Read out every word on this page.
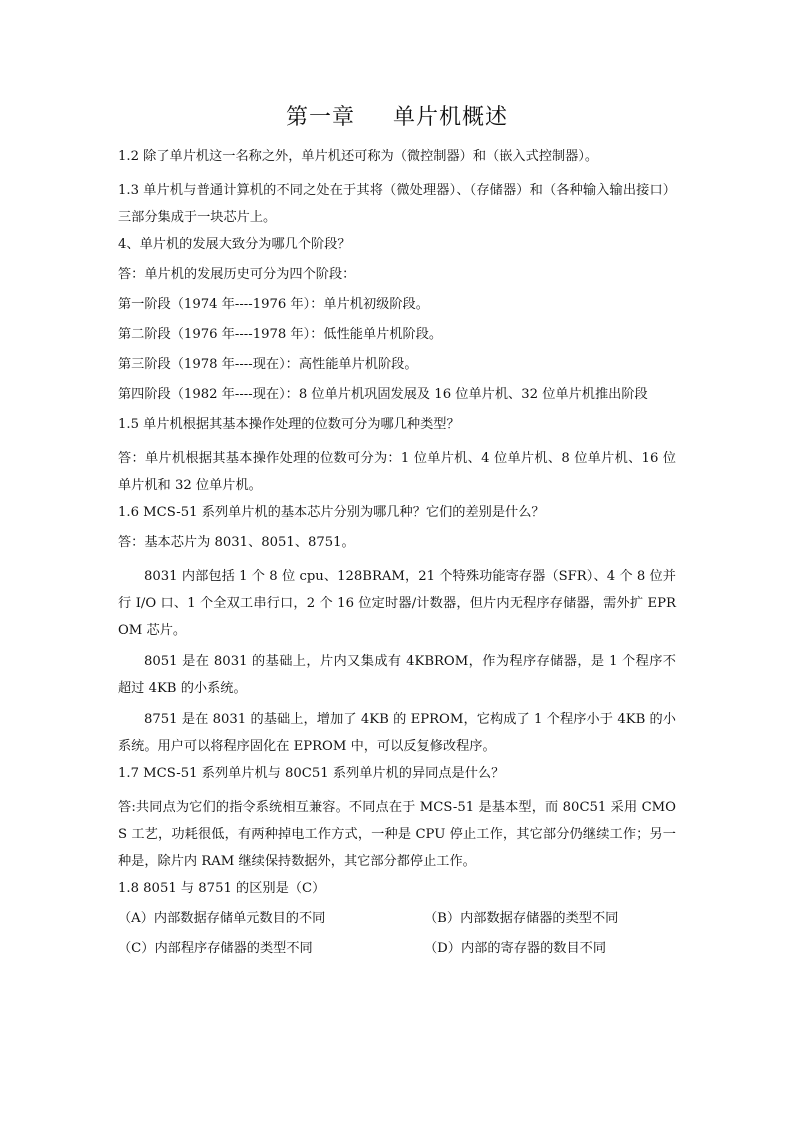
第一章 单片机概述
1.2 除了单片机这一名称之外，单片机还可称为（微控制器）和（嵌入式控制器）。
1.3 单片机与普通计算机的不同之处在于其将（微处理器）、（存储器）和（各种输入输出接口）三部分集成于一块芯片上。
4、单片机的发展大致分为哪几个阶段？
答：单片机的发展历史可分为四个阶段：
第一阶段（1974 年----1976 年）：单片机初级阶段。
第二阶段（1976 年----1978 年）：低性能单片机阶段。
第三阶段（1978 年----现在）：高性能单片机阶段。
第四阶段（1982 年----现在）：8 位单片机巩固发展及 16 位单片机、32 位单片机推出阶段
1.5 单片机根据其基本操作处理的位数可分为哪几种类型？
答：单片机根据其基本操作处理的位数可分为：1 位单片机、4 位单片机、8 位单片机、16 位单片机和 32 位单片机。
1.6 MCS-51 系列单片机的基本芯片分别为哪几种？它们的差别是什么？
答：基本芯片为 8031、8051、8751。
8031 内部包括 1 个 8 位 cpu、128BRAM，21 个特殊功能寄存器（SFR）、4 个 8 位并行 I/O 口、1 个全双工串行口，2 个 16 位定时器/计数器，但片内无程序存储器，需外扩 EPROM 芯片。
8051 是在 8031 的基础上，片内又集成有 4KBROM，作为程序存储器，是 1 个程序不超过 4KB 的小系统。
8751 是在 8031 的基础上，增加了 4KB 的 EPROM，它构成了 1 个程序小于 4KB 的小系统。用户可以将程序固化在 EPROM 中，可以反复修改程序。
1.7 MCS-51 系列单片机与 80C51 系列单片机的异同点是什么？
答:共同点为它们的指令系统相互兼容。不同点在于 MCS-51 是基本型，而 80C51 采用 CMOS 工艺，功耗很低，有两种掉电工作方式，一种是 CPU 停止工作，其它部分仍继续工作；另一种是，除片内 RAM 继续保持数据外，其它部分都停止工作。
1.8 8051 与 8751 的区别是（C）
（A）内部数据存储单元数目的不同	（B）内部数据存储器的类型不同
（C）内部程序存储器的类型不同	（D）内部的寄存器的数目不同
